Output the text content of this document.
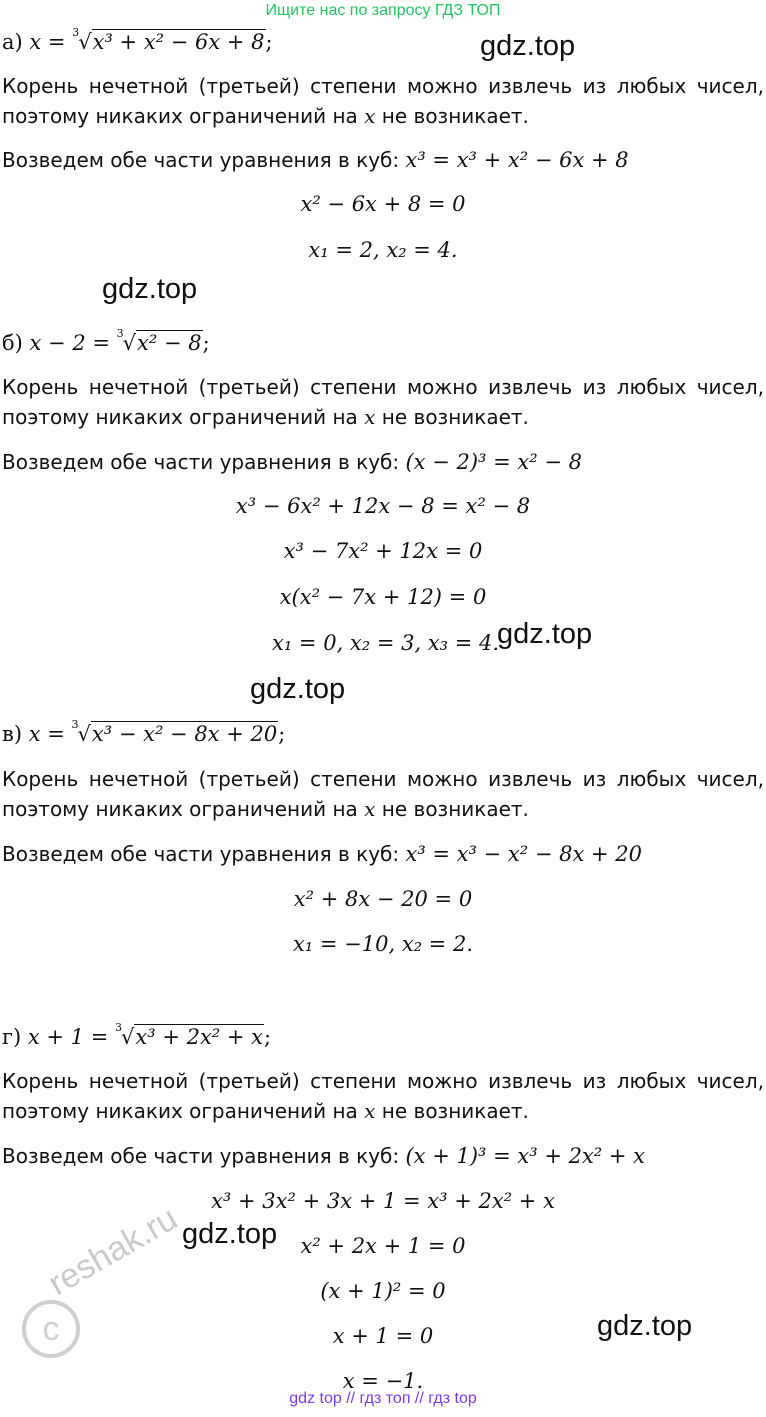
Ищите нас по запросу ГДЗ ТОП
gdz.top
gdz.top
gdz.top
gdz.top
gdz.top
gdz.top
а) x = 3 √x³ + x² − 6x + 8;
Корень нечетной (третьей) степени можно извлечь из любых чисел,
поэтому никаких ограничений на x не возникает.
Возведем обе части уравнения в куб: x³ = x³ + x² − 6x + 8
x² − 6x + 8 = 0
x₁ = 2, x₂ = 4.
б) x − 2 = 3 √x² − 8;
Корень нечетной (третьей) степени можно извлечь из любых чисел,
поэтому никаких ограничений на x не возникает.
Возведем обе части уравнения в куб: (x − 2)³ = x² − 8
x³ − 6x² + 12x − 8 = x² − 8
x³ − 7x² + 12x = 0
x(x² − 7x + 12) = 0
x₁ = 0, x₂ = 3, x₃ = 4.
в) x = 3 √x³ − x² − 8x + 20;
Корень нечетной (третьей) степени можно извлечь из любых чисел,
поэтому никаких ограничений на x не возникает.
Возведем обе части уравнения в куб: x³ = x³ − x² − 8x + 20
x² + 8x − 20 = 0
x₁ = −10, x₂ = 2.
г) x + 1 = 3 √x³ + 2x² + x;
Корень нечетной (третьей) степени можно извлечь из любых чисел,
поэтому никаких ограничений на x не возникает.
Возведем обе части уравнения в куб: (x + 1)³ = x³ + 2x² + x
x³ + 3x² + 3x + 1 = x³ + 2x² + x
x² + 2x + 1 = 0
(x + 1)² = 0
x + 1 = 0
x = −1.
c
reshak.ru
gdz top // гдз топ // гдз top
